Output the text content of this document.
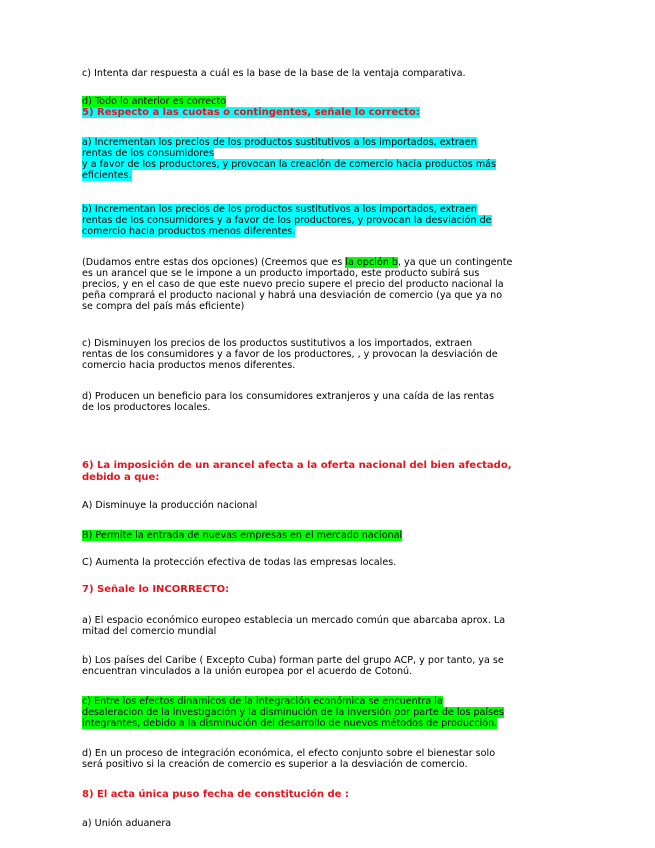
c) Intenta dar respuesta a cuál es la base de la base de la ventaja comparativa.
d) Todo lo anterior es correcto
5) Respecto a las cuotas o contingentes, señale lo correcto:
a) Incrementan los precios de los productos sustitutivos a los importados, extraen
rentas de los consumidores
y a favor de los productores, y provocan la creación de comercio hacia productos más
eficientes.
b) Incrementan los precios de los productos sustitutivos a los importados, extraen
rentas de los consumidores y a favor de los productores, y provocan la desviación de
comercio hacia productos menos diferentes.
(Dudamos entre estas dos opciones) (Creemos que es la opción b, ya que un contingente
es un arancel que se le impone a un producto importado, este producto subirá sus
precios, y en el caso de que este nuevo precio supere el precio del producto nacional la
peña comprará el producto nacional y habrá una desviación de comercio (ya que ya no
se compra del país más eficiente)
c) Disminuyen los precios de los productos sustitutivos a los importados, extraen
rentas de los consumidores y a favor de los productores, , y provocan la desviación de
comercio hacia productos menos diferentes.
d) Producen un beneficio para los consumidores extranjeros y una caída de las rentas
de los productores locales.
6) La imposición de un arancel afecta a la oferta nacional del bien afectado,
debido a que:
A) Disminuye la producción nacional
B) Permite la entrada de nuevas empresas en el mercado nacional
C) Aumenta la protección efectiva de todas las empresas locales.
7) Señale lo INCORRECTO:
a) El espacio económico europeo establecia un mercado común que abarcaba aprox. La
mitad del comercio mundial
b) Los países del Caribe ( Excepto Cuba) forman parte del grupo ACP, y por tanto, ya se
encuentran vinculados a la unión europea por el acuerdo de Cotonú.
c) Entre los efectos dinamicos de la integración económica se encuentra la
desaleracion de la investigación y la disminución de la inversión por parte de los países
integrantes, debido a la disminución del desarrollo de nuevos métodos de producción.
d) En un proceso de integración económica, el efecto conjunto sobre el bienestar solo
será positivo si la creación de comercio es superior a la desviación de comercio.
8) El acta única puso fecha de constitución de :
a) Unión aduanera
